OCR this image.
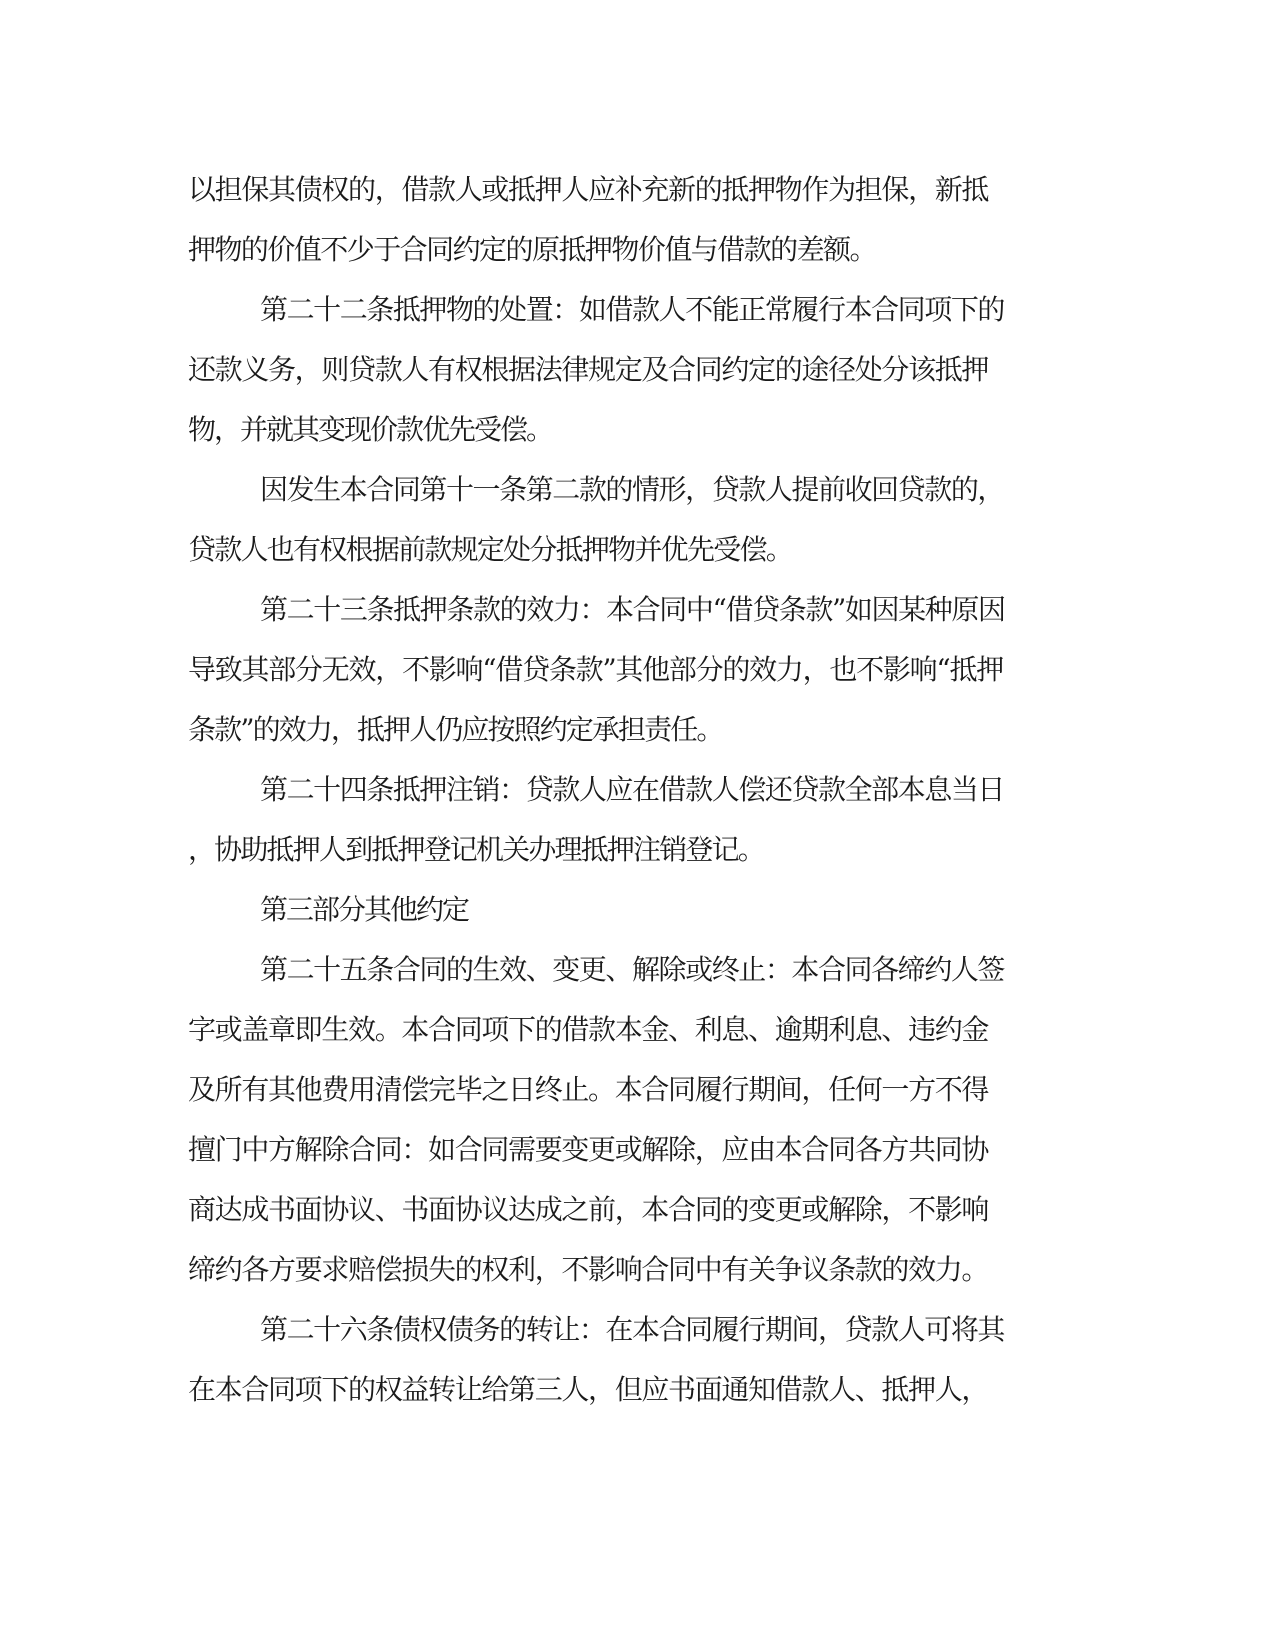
以担保其债权的，借款人或抵押人应补充新的抵押物作为担保，新抵
押物的价值不少于合同约定的原抵押物价值与借款的差额。
第二十二条抵押物的处置：如借款人不能正常履行本合同项下的
还款义务，则贷款人有权根据法律规定及合同约定的途径处分该抵押
物，并就其变现价款优先受偿。
因发生本合同第十一条第二款的情形，贷款人提前收回贷款的，
贷款人也有权根据前款规定处分抵押物并优先受偿。
第二十三条抵押条款的效力：本合同中“借贷条款”如因某种原因
导致其部分无效，不影响“借贷条款”其他部分的效力，也不影响“抵押
条款”的效力，抵押人仍应按照约定承担责任。
第二十四条抵押注销：贷款人应在借款人偿还贷款全部本息当日
，协助抵押人到抵押登记机关办理抵押注销登记。
第三部分其他约定
第二十五条合同的生效、变更、解除或终止：本合同各缔约人签
字或盖章即生效。本合同项下的借款本金、利息、逾期利息、违约金
及所有其他费用清偿完毕之日终止。本合同履行期间，任何一方不得
擅门中方解除合同：如合同需要变更或解除，应由本合同各方共同协
商达成书面协议、书面协议达成之前，本合同的变更或解除，不影响
缔约各方要求赔偿损失的权利，不影响合同中有关争议条款的效力。
第二十六条债权债务的转让：在本合同履行期间，贷款人可将其
在本合同项下的权益转让给第三人，但应书面通知借款人、抵押人，
